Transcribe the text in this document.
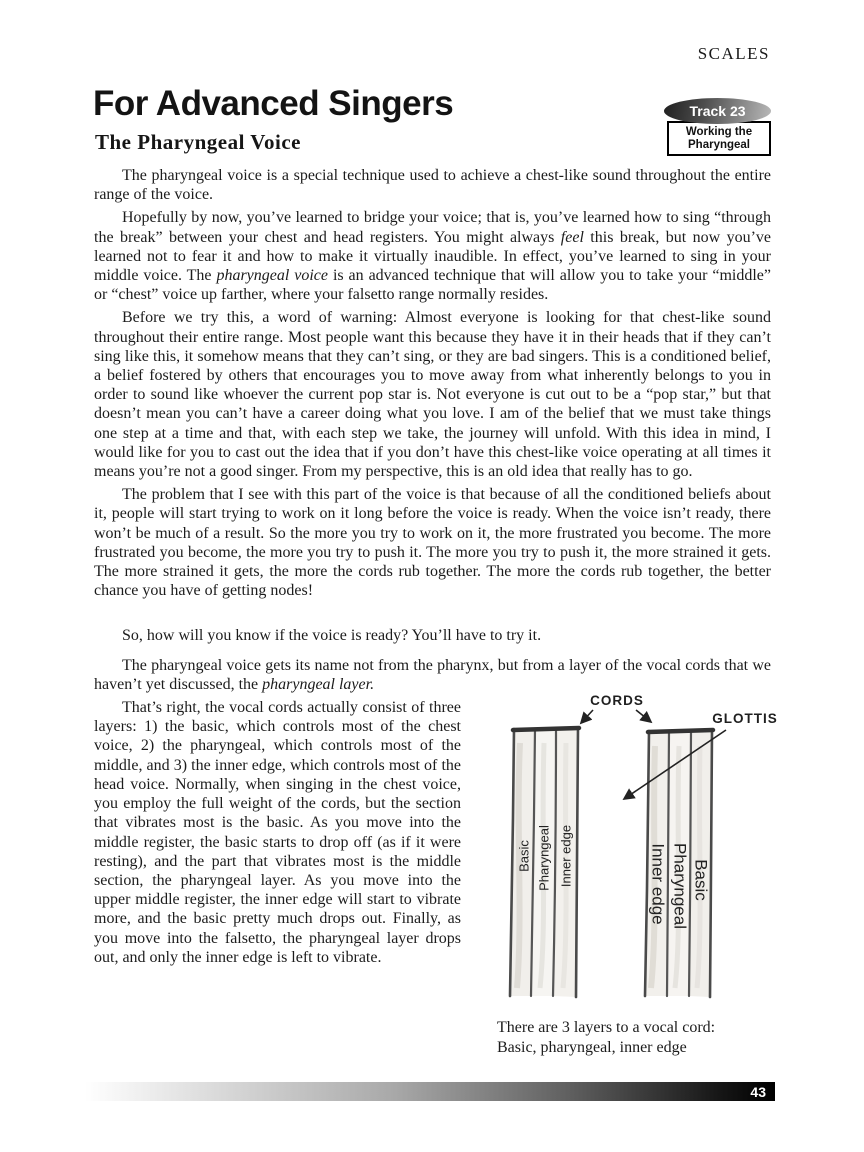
SCALES
For Advanced Singers
The Pharyngeal Voice
Track 23
Working the
Pharyngeal

The pharyngeal voice is a special technique used to achieve a chest-like sound throughout the entire range of the voice.

Hopefully by now, you’ve learned to bridge your voice; that is, you’ve learned how to sing “through the break” between your chest and head registers. You might always feel this break, but now you’ve learned not to fear it and how to make it virtually inaudible. In effect, you’ve learned to sing in your middle voice. The pharyngeal voice is an advanced technique that will allow you to take your “middle” or “chest” voice up farther, where your falsetto range normally resides.

Before we try this, a word of warning: Almost everyone is looking for that chest-like sound throughout their entire range. Most people want this because they have it in their heads that if they can’t sing like this, it somehow means that they can’t sing, or they are bad singers. This is a conditioned belief, a belief fostered by others that encourages you to move away from what inherently belongs to you in order to sound like whoever the current pop star is. Not everyone is cut out to be a “pop star,” but that doesn’t mean you can’t have a career doing what you love. I am of the belief that we must take things one step at a time and that, with each step we take, the journey will unfold. With this idea in mind, I would like for you to cast out the idea that if you don’t have this chest-like voice operating at all times it means you’re not a good singer. From my perspective, this is an old idea that really has to go.

The problem that I see with this part of the voice is that because of all the conditioned beliefs about it, people will start trying to work on it long before the voice is ready. When the voice isn’t ready, there won’t be much of a result. So the more you try to work on it, the more frustrated you become. The more frustrated you become, the more you try to push it. The more you try to push it, the more strained it gets. The more strained it gets, the more the cords rub together. The more the cords rub together, the better chance you have of getting nodes!

So, how will you know if the voice is ready? You’ll have to try it.

The pharyngeal voice gets its name not from the pharynx, but from a layer of the vocal cords that we haven’t yet discussed, the pharyngeal layer.

That’s right, the vocal cords actually consist of three layers: 1) the basic, which controls most of the chest voice, 2) the pharyngeal, which controls most of the middle, and 3) the inner edge, which controls most of the head voice. Normally, when singing in the chest voice, you employ the full weight of the cords, but the section that vibrates most is the basic. As you move into the middle register, the basic starts to drop off (as if it were resting), and the part that vibrates most is the middle section, the pharyngeal layer. As you move into the upper middle register, the inner edge will start to vibrate more, and the basic pretty much drops out. Finally, as you move into the falsetto, the pharyngeal layer drops out, and only the inner edge is left to vibrate.

Basic Pharyngeal Inner edge	Inner edge Pharyngeal Basic
CORDS
GLOTTIS
There are 3 layers to a vocal cord:
Basic, pharyngeal, inner edge
43
